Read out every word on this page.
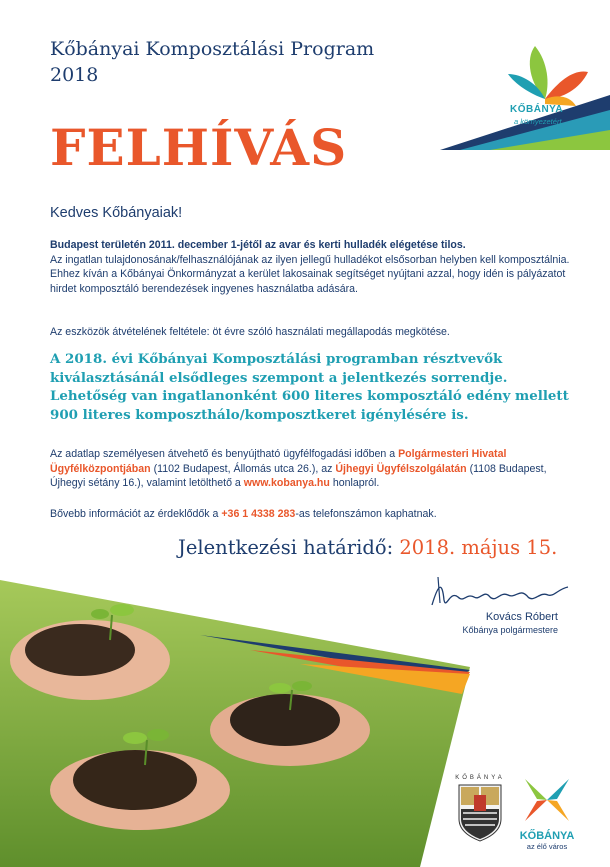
KŐBÁNYA
a környezetért
Kőbányai Komposztálási Program
2018
FELHÍVÁS
Kedves Kőbányaiak!

Budapest területén 2011. december 1-jétől az avar és kerti hulladék elégetése tilos.
Az ingatlan tulajdonosának/felhasználójának az ilyen jellegű hulladékot elsősorban helyben kell komposztálnia. Ehhez kíván a Kőbányai Önkormányzat a kerület lakosainak segítséget nyújtani azzal, hogy idén is pályázatot hirdet komposztáló berendezések ingyenes használatba adására.

Az eszközök átvételének feltétele: öt évre szóló használati megállapodás megkötése.

A 2018. évi Kőbányai Komposztálási programban résztvevők kiválasztásánál elsődleges szempont a jelentkezés sorrendje. Lehetőség van ingatlanonként 600 literes komposztáló edény mellett 900 literes komposzthálo/komposztkeret igénylésére is.

Az adatlap személyesen átvehető és benyújtható ügyfélfogadási időben a Polgármesteri Hivatal Ügyfélközpontjában (1102 Budapest, Állomás utca 26.), az Újhegyi Ügyfélszolgálatán (1108 Budapest, Újhegyi sétány 16.), valamint letölthető a www.kobanya.hu honlapról.

Bővebb információt az érdeklődők a +36 1 4338 283-as telefonszámon kaphatnak.

Jelentkezési határidő: 2018. május 15.
Kovács Róbert
Kőbánya polgármestere
KŐBÁNYA
KŐBÁNYA
az élő város
